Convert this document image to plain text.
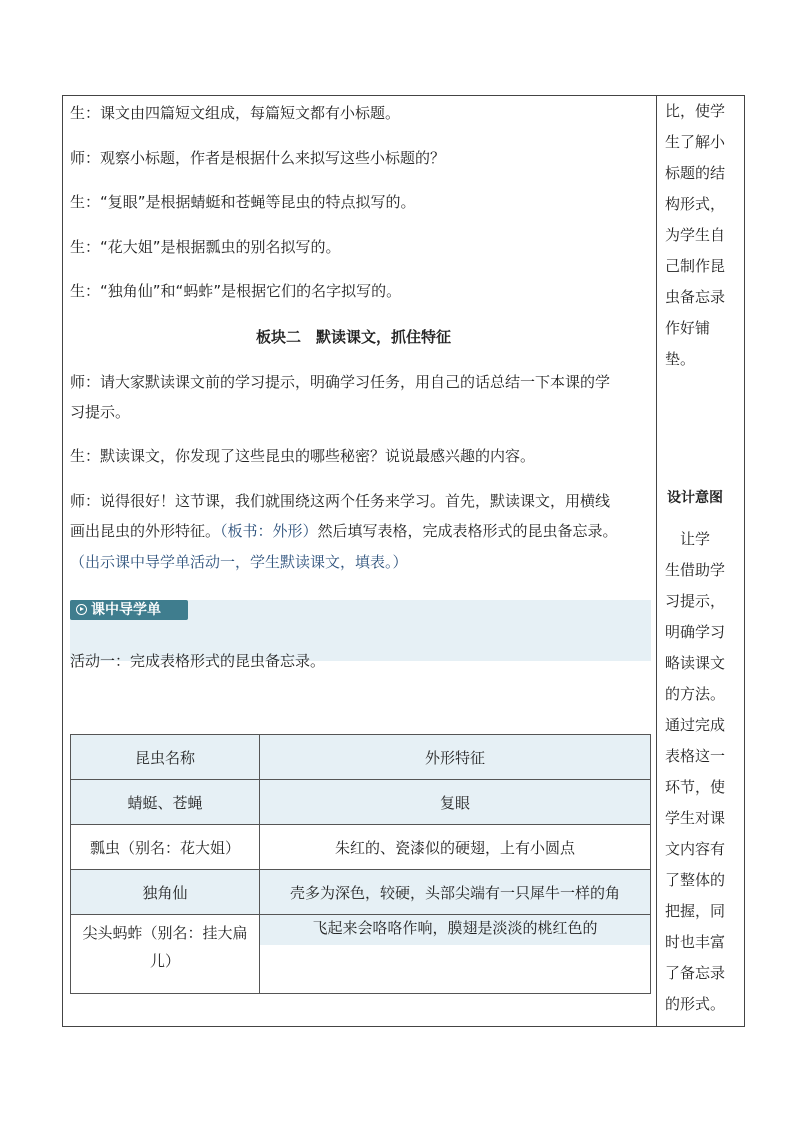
生：课文由四篇短文组成，每篇短文都有小标题。
师：观察小标题，作者是根据什么来拟写这些小标题的？
生：“复眼”是根据蜻蜓和苍蝇等昆虫的特点拟写的。
生：“花大姐”是根据瓢虫的别名拟写的。
生：“独角仙”和“蚂蚱”是根据它们的名字拟写的。
板块二　默读课文，抓住特征
师：请大家默读课文前的学习提示，明确学习任务，用自己的话总结一下本课的学
习提示。
生：默读课文，你发现了这些昆虫的哪些秘密？说说最感兴趣的内容。
师：说得很好！这节课，我们就围绕这两个任务来学习。首先，默读课文，用横线
画出昆虫的外形特征。（板书：外形）然后填写表格，完成表格形式的昆虫备忘录。
（出示课中导学单活动一，学生默读课文，填表。）
课中导学单
活动一：完成表格形式的昆虫备忘录。
昆虫名称	外形特征
蜻蜓、苍蝇	复眼
瓢虫（别名：花大姐）	朱红的、瓷漆似的硬翅，上有小圆点
独角仙	壳多为深色，较硬，头部尖端有一只犀牛一样的角
尖头蚂蚱（别名：挂大扁儿）	飞起来会咯咯作响，膜翅是淡淡的桃红色的
比，使学
生了解小
标题的结
构形式，
为学生自
己制作昆
虫备忘录
作好铺
垫。
设计意图
　让学
生借助学
习提示，
明确学习
略读课文
的方法。
通过完成
表格这一
环节，使
学生对课
文内容有
了整体的
把握，同
时也丰富
了备忘录
的形式。
